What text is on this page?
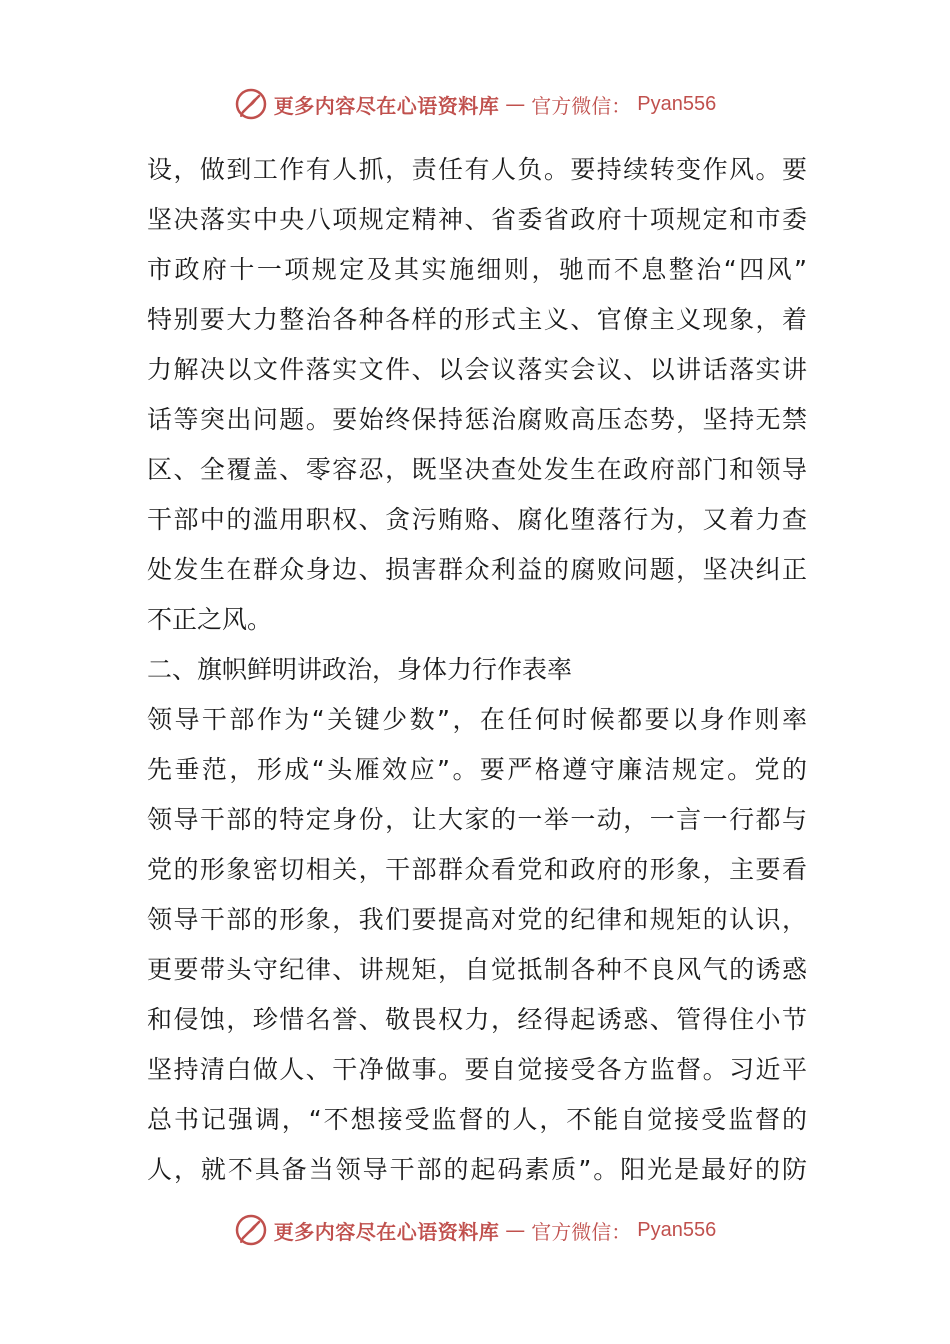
更多内容尽在心语资料库 — 官方微信： Pyan556
设，做到工作有人抓，责任有人负。要持续转变作风。要
坚决落实中央八项规定精神、省委省政府十项规定和市委
市政府十一项规定及其实施细则，驰而不息整治“四风”
特别要大力整治各种各样的形式主义、官僚主义现象，着
力解决以文件落实文件、以会议落实会议、以讲话落实讲
话等突出问题。要始终保持惩治腐败高压态势，坚持无禁
区、全覆盖、零容忍，既坚决查处发生在政府部门和领导
干部中的滥用职权、贪污贿赂、腐化堕落行为，又着力查
处发生在群众身边、损害群众利益的腐败问题，坚决纠正
不正之风。
二、旗帜鲜明讲政治，身体力行作表率
领导干部作为“关键少数”，在任何时候都要以身作则率
先垂范，形成“头雁效应”。要严格遵守廉洁规定。党的
领导干部的特定身份，让大家的一举一动，一言一行都与
党的形象密切相关，干部群众看党和政府的形象，主要看
领导干部的形象，我们要提高对党的纪律和规矩的认识，
更要带头守纪律、讲规矩，自觉抵制各种不良风气的诱惑
和侵蚀，珍惜名誉、敬畏权力，经得起诱惑、管得住小节
坚持清白做人、干净做事。要自觉接受各方监督。习近平
总书记强调，“不想接受监督的人，不能自觉接受监督的
人，就不具备当领导干部的起码素质”。阳光是最好的防
更多内容尽在心语资料库 — 官方微信： Pyan556
